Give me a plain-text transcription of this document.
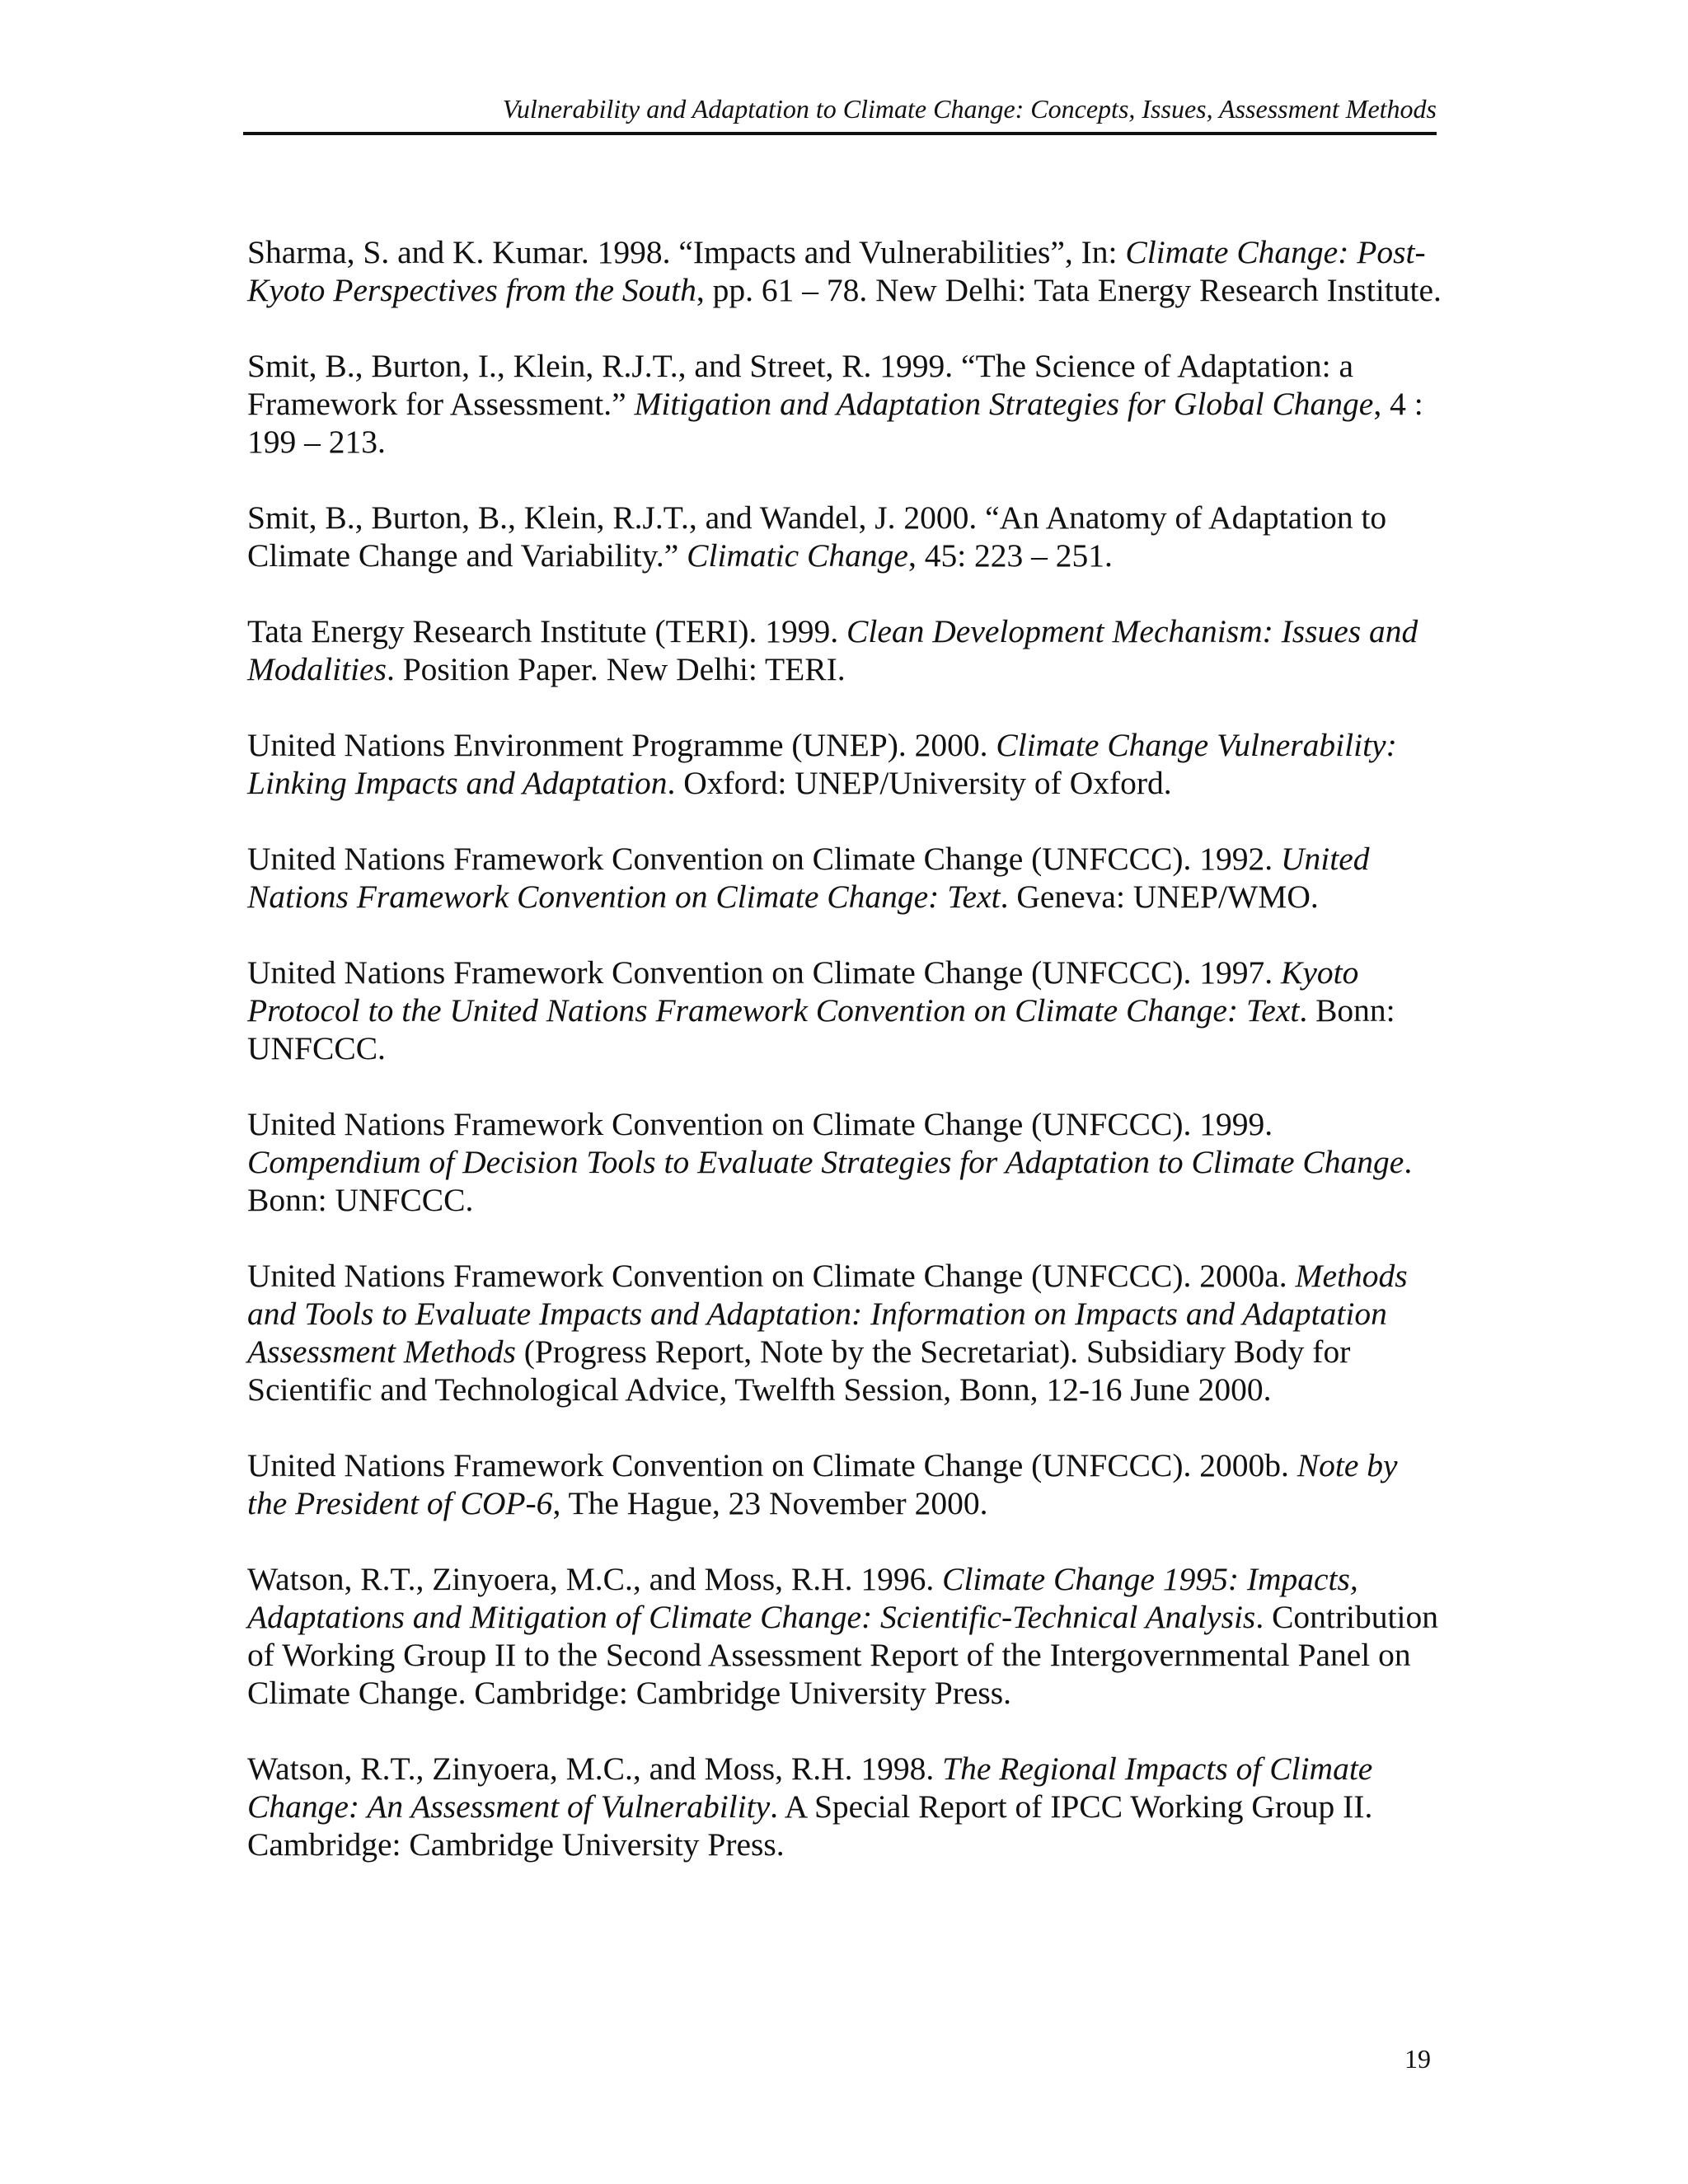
Vulnerability and Adaptation to Climate Change: Concepts, Issues, Assessment Methods

Sharma, S. and K. Kumar. 1998. “Impacts and Vulnerabilities”, In: Climate Change: Post-Kyoto Perspectives from the South, pp. 61 – 78. New Delhi: Tata Energy Research Institute.

Smit, B., Burton, I., Klein, R.J.T., and Street, R. 1999. “The Science of Adaptation: a Framework for Assessment.” Mitigation and Adaptation Strategies for Global Change, 4 : 199 – 213.

Smit, B., Burton, B., Klein, R.J.T., and Wandel, J. 2000. “An Anatomy of Adaptation to Climate Change and Variability.” Climatic Change, 45: 223 – 251.

Tata Energy Research Institute (TERI). 1999. Clean Development Mechanism: Issues and Modalities. Position Paper. New Delhi: TERI.

United Nations Environment Programme (UNEP). 2000. Climate Change Vulnerability: Linking Impacts and Adaptation. Oxford: UNEP/University of Oxford.

United Nations Framework Convention on Climate Change (UNFCCC). 1992. United Nations Framework Convention on Climate Change: Text. Geneva: UNEP/WMO.

United Nations Framework Convention on Climate Change (UNFCCC). 1997. Kyoto Protocol to the United Nations Framework Convention on Climate Change: Text. Bonn: UNFCCC.

United Nations Framework Convention on Climate Change (UNFCCC). 1999. Compendium of Decision Tools to Evaluate Strategies for Adaptation to Climate Change. Bonn: UNFCCC.

United Nations Framework Convention on Climate Change (UNFCCC). 2000a. Methods and Tools to Evaluate Impacts and Adaptation: Information on Impacts and Adaptation Assessment Methods (Progress Report, Note by the Secretariat). Subsidiary Body for Scientific and Technological Advice, Twelfth Session, Bonn, 12-16 June 2000.

United Nations Framework Convention on Climate Change (UNFCCC). 2000b. Note by the President of COP-6, The Hague, 23 November 2000.

Watson, R.T., Zinyoera, M.C., and Moss, R.H. 1996. Climate Change 1995: Impacts, Adaptations and Mitigation of Climate Change: Scientific-Technical Analysis. Contribution of Working Group II to the Second Assessment Report of the Intergovernmental Panel on Climate Change. Cambridge: Cambridge University Press.

Watson, R.T., Zinyoera, M.C., and Moss, R.H. 1998. The Regional Impacts of Climate Change: An Assessment of Vulnerability. A Special Report of IPCC Working Group II. Cambridge: Cambridge University Press.

19
